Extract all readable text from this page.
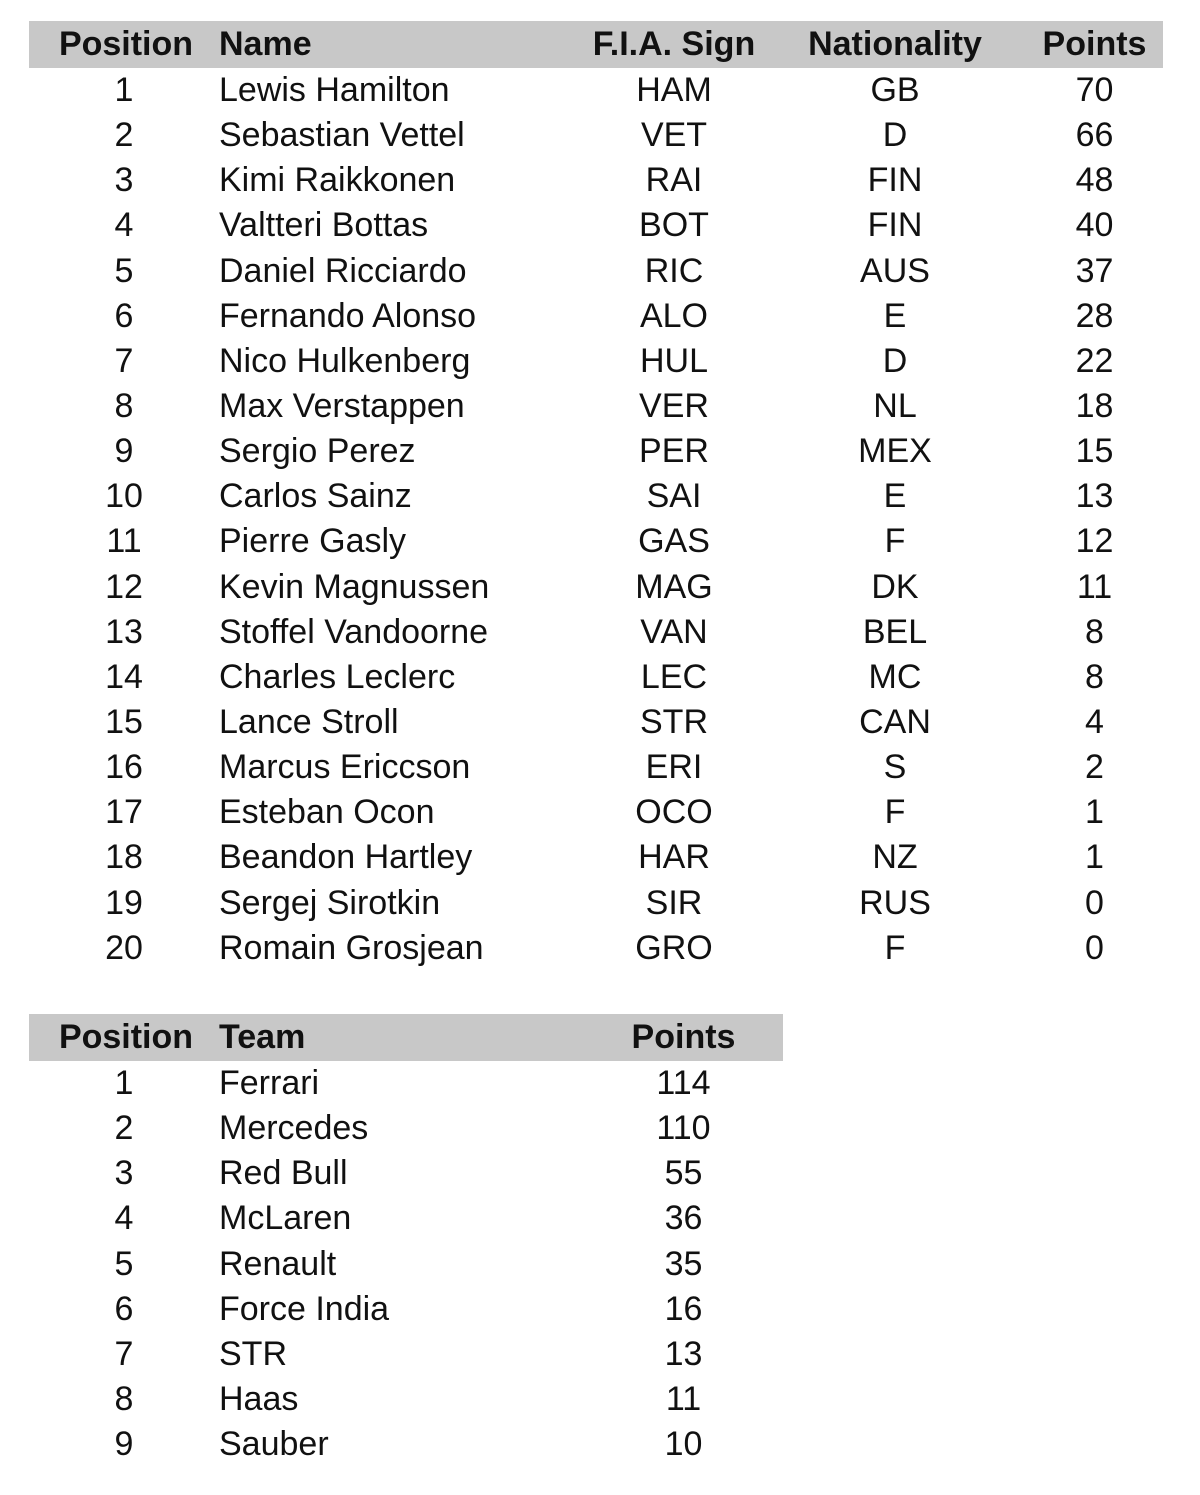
Position	Name	F.I.A. Sign	Nationality	Points
1	Lewis Hamilton	HAM	GB	70
2	Sebastian Vettel	VET	D	66
3	Kimi Raikkonen	RAI	FIN	48
4	Valtteri Bottas	BOT	FIN	40
5	Daniel Ricciardo	RIC	AUS	37
6	Fernando Alonso	ALO	E	28
7	Nico Hulkenberg	HUL	D	22
8	Max Verstappen	VER	NL	18
9	Sergio Perez	PER	MEX	15
10	Carlos Sainz	SAI	E	13
11	Pierre Gasly	GAS	F	12
12	Kevin Magnussen	MAG	DK	11
13	Stoffel Vandoorne	VAN	BEL	8
14	Charles Leclerc	LEC	MC	8
15	Lance Stroll	STR	CAN	4
16	Marcus Ericcson	ERI	S	2
17	Esteban Ocon	OCO	F	1
18	Beandon Hartley	HAR	NZ	1
19	Sergej Sirotkin	SIR	RUS	0
20	Romain Grosjean	GRO	F	0
Position	Team	Points
1	Ferrari	114
2	Mercedes	110
3	Red Bull	55
4	McLaren	36
5	Renault	35
6	Force India	16
7	STR	13
8	Haas	11
9	Sauber	10
